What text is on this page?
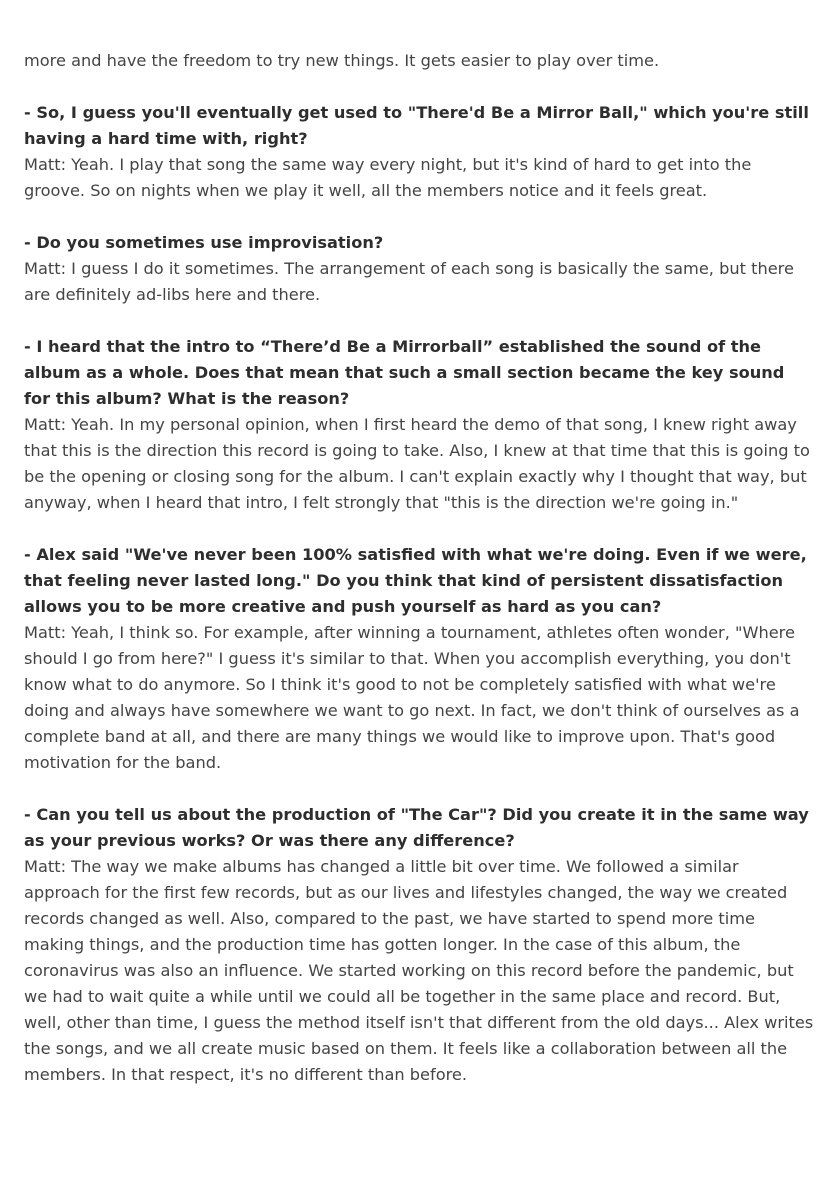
more and have the freedom to try new things. It gets easier to play over time.

- So, I guess you'll eventually get used to "There'd Be a Mirror Ball," which you're still having a hard time with, right?

Matt: Yeah. I play that song the same way every night, but it's kind of hard to get into the groove. So on nights when we play it well, all the members notice and it feels great.

- Do you sometimes use improvisation?

Matt: I guess I do it sometimes. The arrangement of each song is basically the same, but there are definitely ad-libs here and there.

- I heard that the intro to “There’d Be a Mirrorball” established the sound of the album as a whole. Does that mean that such a small section became the key sound for this album? What is the reason?

Matt: Yeah. In my personal opinion, when I first heard the demo of that song, I knew right away that this is the direction this record is going to take. Also, I knew at that time that this is going to be the opening or closing song for the album. I can't explain exactly why I thought that way, but anyway, when I heard that intro, I felt strongly that "this is the direction we're going in."

- Alex said "We've never been 100% satisfied with what we're doing. Even if we were, that feeling never lasted long." Do you think that kind of persistent dissatisfaction allows you to be more creative and push yourself as hard as you can?

Matt: Yeah, I think so. For example, after winning a tournament, athletes often wonder, "Where should I go from here?" I guess it's similar to that. When you accomplish everything, you don't know what to do anymore. So I think it's good to not be completely satisfied with what we're doing and always have somewhere we want to go next. In fact, we don't think of ourselves as a complete band at all, and there are many things we would like to improve upon. That's good motivation for the band.

- Can you tell us about the production of "The Car"? Did you create it in the same way as your previous works? Or was there any difference?

Matt: The way we make albums has changed a little bit over time. We followed a similar approach for the first few records, but as our lives and lifestyles changed, the way we created records changed as well. Also, compared to the past, we have started to spend more time making things, and the production time has gotten longer. In the case of this album, the coronavirus was also an influence. We started working on this record before the pandemic, but we had to wait quite a while until we could all be together in the same place and record. But, well, other than time, I guess the method itself isn't that different from the old days... Alex writes the songs, and we all create music based on them. It feels like a collaboration between all the members. In that respect, it's no different than before.
